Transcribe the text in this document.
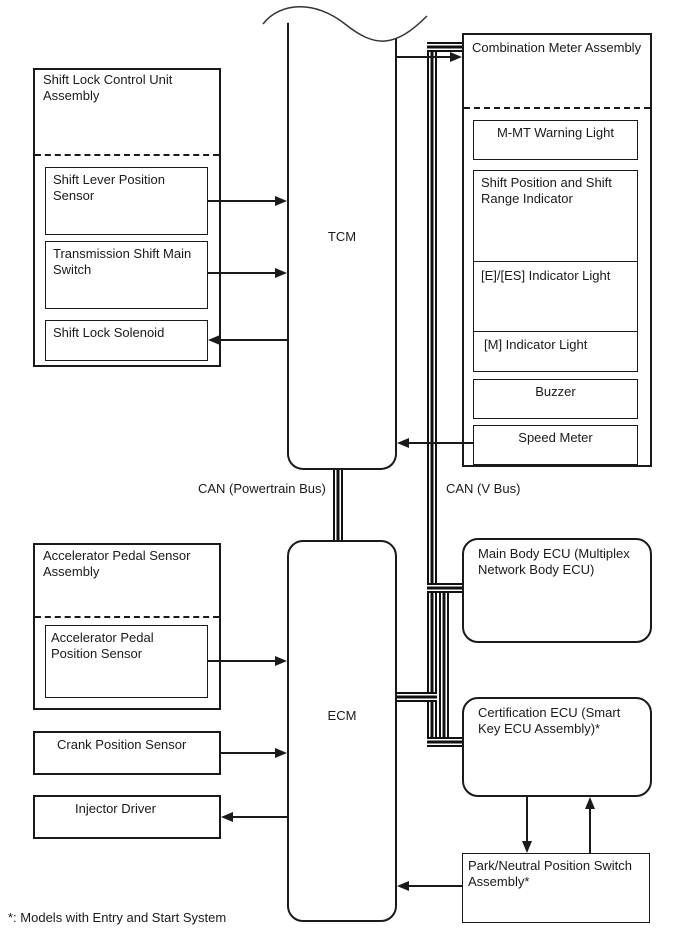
Shift Lock Control Unit Assembly
Shift Lever Position Sensor
Transmission Shift Main Switch
Shift Lock Solenoid
Accelerator Pedal Sensor Assembly
Accelerator Pedal Position Sensor
Crank Position Sensor
Injector Driver
*: Models with Entry and Start System
TCM
ECM
CAN (Powertrain Bus)	CAN (V Bus)
Combination Meter Assembly
M-MT Warning Light
Shift Position and Shift Range Indicator
[E]/[ES] Indicator Light
[M] Indicator Light
Buzzer
Speed Meter
Main Body ECU (Multiplex Network Body ECU)
Certification ECU (Smart Key ECU Assembly)*
Park/Neutral Position Switch Assembly*
